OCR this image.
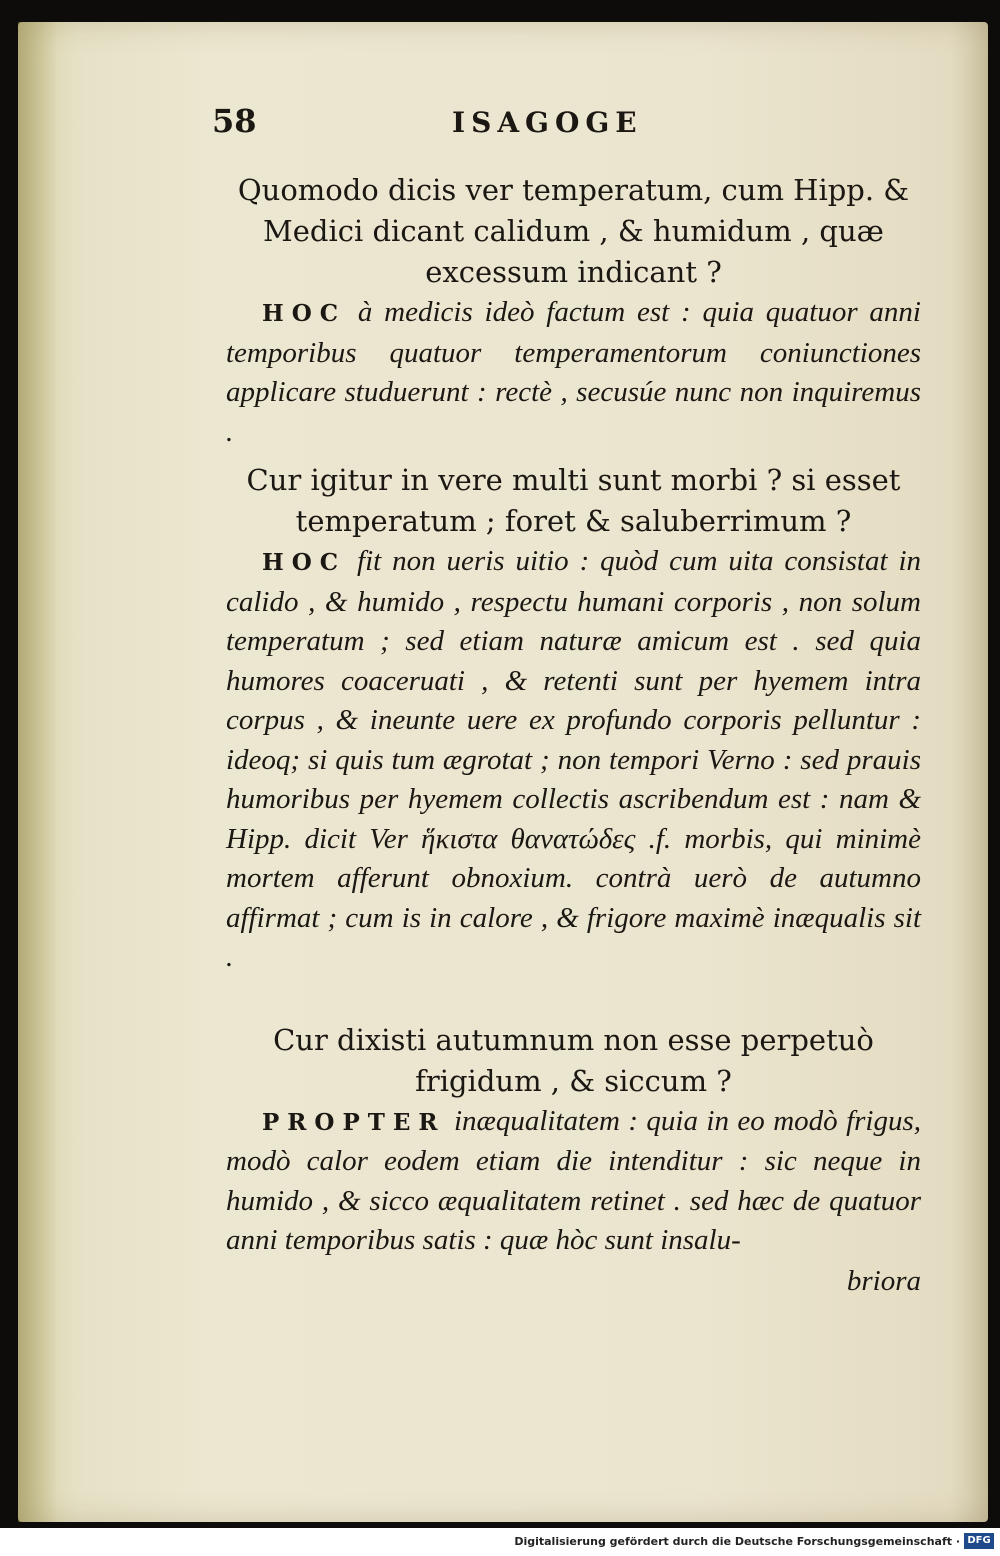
58	ISAGOGE

Quomodo dicis ver temperatum, cum Hipp. & Medici dicant calidum , & humidum , quæ excessum indicant ?

HOC à medicis ideò factum est : quia quatuor anni temporibus quatuor temperamentorum coniunctiones applicare studuerunt : rectè , secusúe nunc non inquiremus .

Cur igitur in vere multi sunt morbi ? si esset temperatum ; foret & saluberrimum ?

HOC fit non ueris uitio : quòd cum uita consistat in calido , & humido , respectu humani corporis , non solum temperatum ; sed etiam naturæ amicum est . sed quia humores coaceruati , & retenti sunt per hyemem intra corpus , & ineunte uere ex profundo corporis pelluntur : ideoq; si quis tum ægrotat ; non tempori Verno : sed prauis humoribus per hyemem collectis ascribendum est : nam & Hipp. dicit Ver ἥκιστα θανατώδες .f. morbis, qui minimè mortem afferunt obnoxium. contrà uerò de autumno affirmat ; cum is in calore , & frigore maximè inæqualis sit .

Cur dixisti autumnum non esse perpetuò frigidum , & siccum ?

PROPTER inæqualitatem : quia in eo modò frigus, modò calor eodem etiam die intenditur : sic neque in humido , & sicco æqualitatem retinet . sed hæc de quatuor anni temporibus satis : quæ hòc sunt insalu-

briora

Digitalisierung gefördert durch die Deutsche Forschungsgemeinschaft · DFG
